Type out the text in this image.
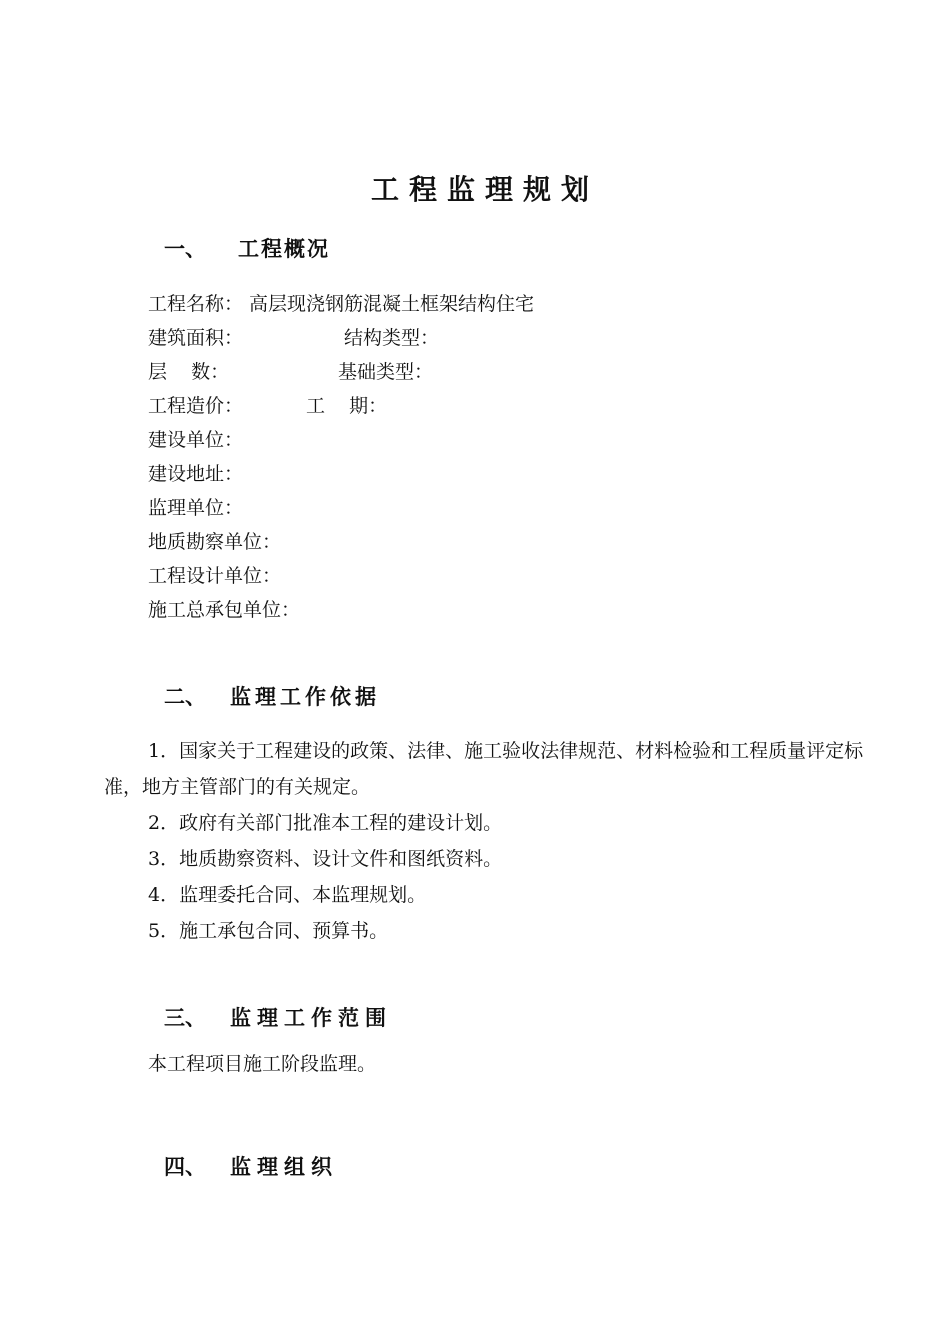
工程监理规划
一、 工程概况
工程名称： 高层现浇钢筋混凝土框架结构住宅
建筑面积：	结构类型：
层    数：	基础类型：
工程造价：	工    期：
建设单位：
建设地址：
监理单位：
地质勘察单位：
工程设计单位：
施工总承包单位：
二、 监理工作依据
1．国家关于工程建设的政策、法律、施工验收法律规范、材料检验和工程质量评定标准，地方主管部门的有关规定。
2．政府有关部门批准本工程的建设计划。
3．地质勘察资料、设计文件和图纸资料。
4．监理委托合同、本监理规划。
5．施工承包合同、预算书。
三、 监理工作范围
本工程项目施工阶段监理。
四、 监理组织
